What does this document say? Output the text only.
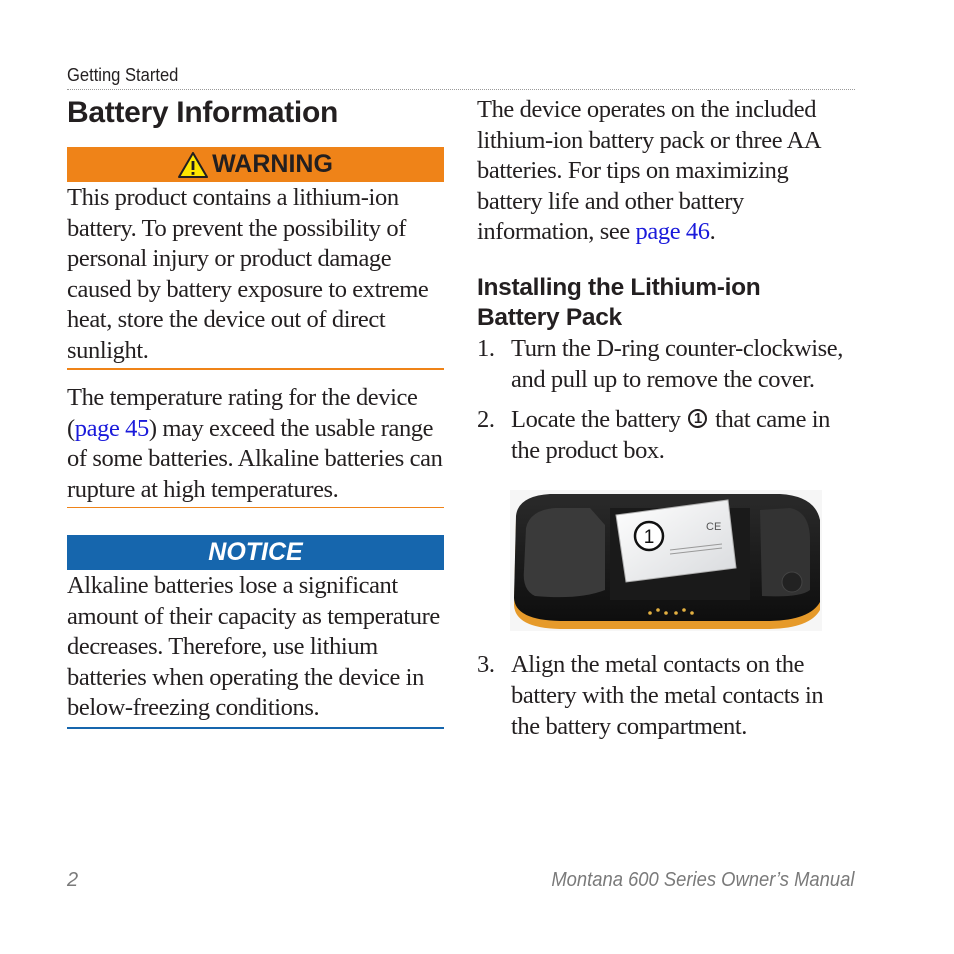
Getting Started
Battery Information
WARNING

This product contains a lithium-ion battery. To prevent the possibility of personal injury or product damage caused by battery exposure to extreme heat, store the device out of direct sunlight.

The temperature rating for the device (page 45) may exceed the usable range of some batteries. Alkaline batteries can rupture at high temperatures.

NOTICE

Alkaline batteries lose a significant amount of their capacity as temperature decreases. Therefore, use lithium batteries when operating the device in below-freezing conditions.

The device operates on the included lithium-ion battery pack or three AA batteries. For tips on maximizing battery life and other battery information, see page 46.

Installing the Lithium-ion Battery Pack
1. Turn the D-ring counter-clockwise, and pull up to remove the cover.
2. Locate the battery 1 that came in the product box.
3. Align the metal contacts on the battery with the metal contacts in the battery compartment.
CE
1
2	Montana 600 Series Owner’s Manual
